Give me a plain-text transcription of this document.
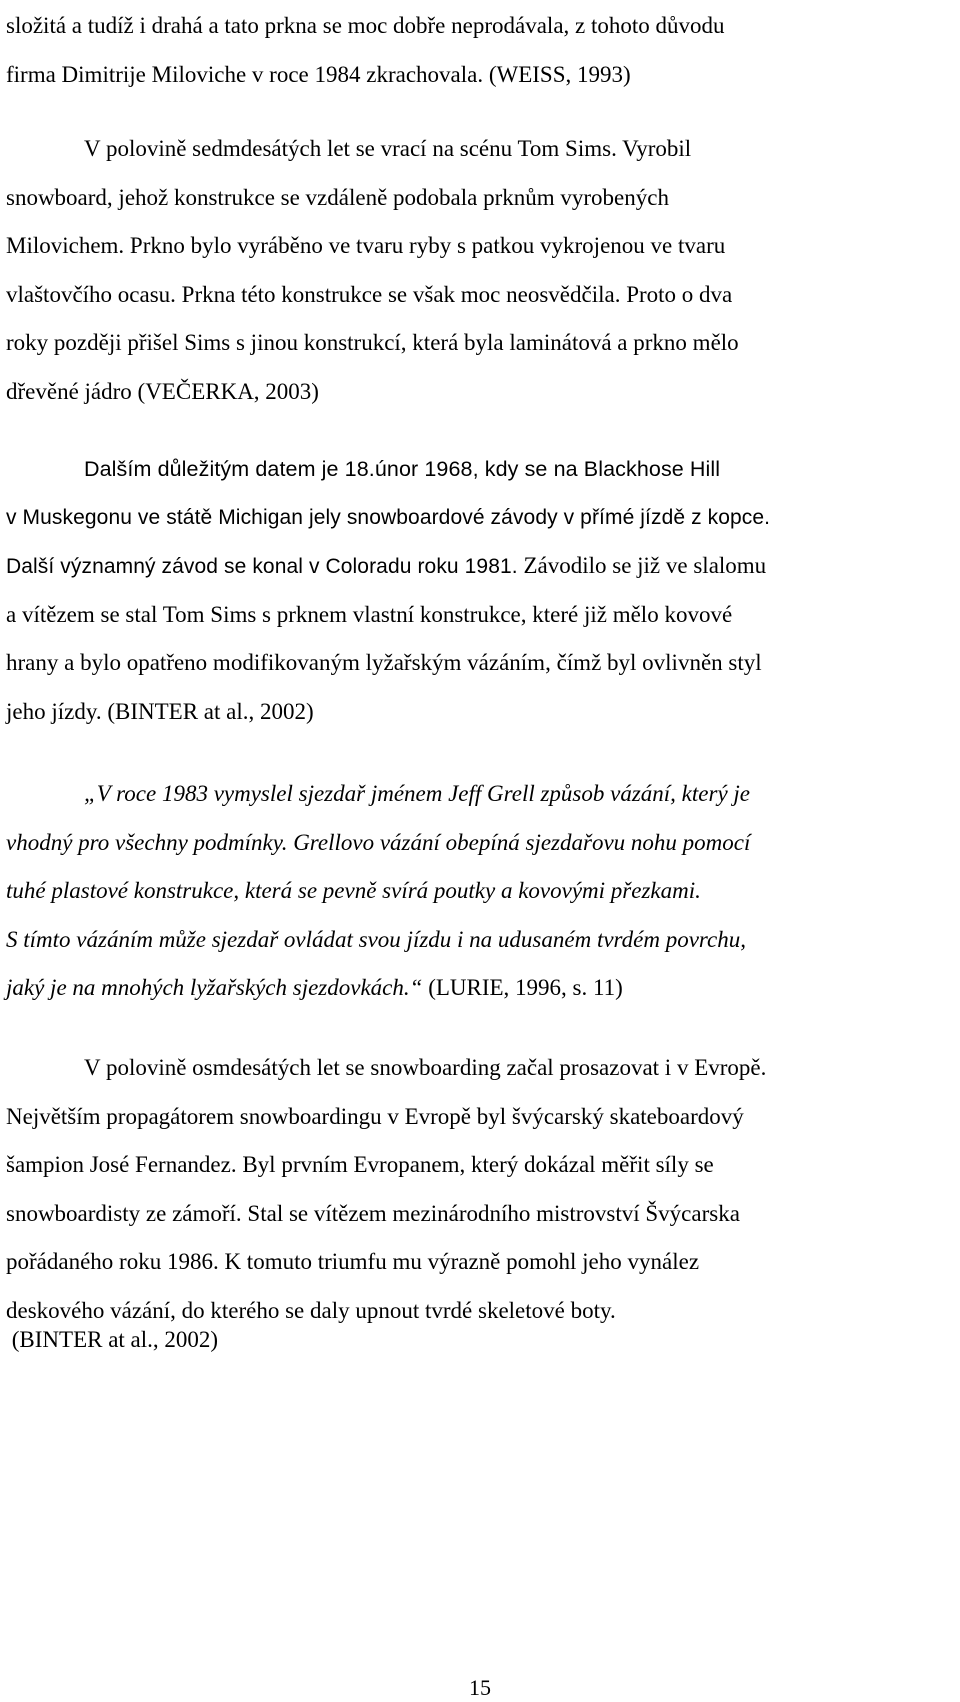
složitá a tudíž i drahá a tato prkna se moc dobře neprodávala, z tohoto důvodu
firma Dimitrije Miloviche v roce 1984 zkrachovala. (WEISS, 1993)
V polovině sedmdesátých let se vrací na scénu Tom Sims. Vyrobil
snowboard, jehož konstrukce se vzdáleně podobala prknům vyrobených
Milovichem. Prkno bylo vyráběno ve tvaru ryby s patkou vykrojenou ve tvaru
vlaštovčího ocasu. Prkna této konstrukce se však moc neosvědčila. Proto o dva
roky později přišel Sims s jinou konstrukcí, která byla laminátová a prkno mělo
dřevěné jádro (VEČERKA, 2003)
Dalším důležitým datem je 18.únor 1968, kdy se na Blackhose Hill
v Muskegonu ve státě Michigan jely snowboardové závody v přímé jízdě z kopce.
Další významný závod se konal v Coloradu roku 1981. Závodilo se již ve slalomu
a vítězem se stal Tom Sims s prknem vlastní konstrukce, které již mělo kovové
hrany a bylo opatřeno modifikovaným lyžařským vázáním, čímž byl ovlivněn styl
jeho jízdy. (BINTER at al., 2002)
„V roce 1983 vymyslel sjezdař jménem Jeff Grell způsob vázání, který je
vhodný pro všechny podmínky. Grellovo vázání obepíná sjezdařovu nohu pomocí
tuhé plastové konstrukce, která se pevně svírá poutky a kovovými přezkami.
S tímto vázáním může sjezdař ovládat svou jízdu i na udusaném tvrdém povrchu,
jaký je na mnohých lyžařských sjezdovkách.“ (LURIE, 1996, s. 11)
V polovině osmdesátých let se snowboarding začal prosazovat i v Evropě.
Největším propagátorem snowboardingu v Evropě byl švýcarský skateboardový
šampion José Fernandez. Byl prvním Evropanem, který dokázal měřit síly se
snowboardisty ze zámoří. Stal se vítězem mezinárodního mistrovství Švýcarska
pořádaného roku 1986. K tomuto triumfu mu výrazně pomohl jeho vynález
deskového vázání, do kterého se daly upnout tvrdé skeletové boty.
(BINTER at al., 2002)
15
